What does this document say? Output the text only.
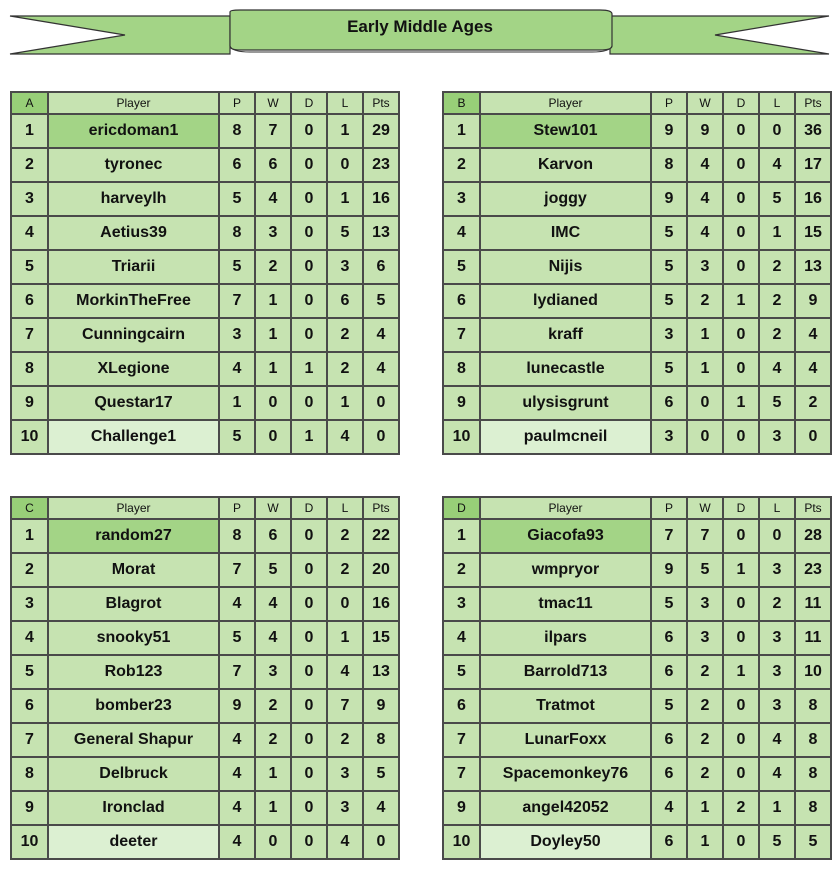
Early Middle Ages
A	Player	P	W	D	L	Pts
1	ericdoman1	8	7	0	1	29
2	tyronec	6	6	0	0	23
3	harveylh	5	4	0	1	16
4	Aetius39	8	3	0	5	13
5	Triarii	5	2	0	3	6
6	MorkinTheFree	7	1	0	6	5
7	Cunningcairn	3	1	0	2	4
8	XLegione	4	1	1	2	4
9	Questar17	1	0	0	1	0
10	Challenge1	5	0	1	4	0
B	Player	P	W	D	L	Pts
1	Stew101	9	9	0	0	36
2	Karvon	8	4	0	4	17
3	joggy	9	4	0	5	16
4	IMC	5	4	0	1	15
5	Nijis	5	3	0	2	13
6	lydianed	5	2	1	2	9
7	kraff	3	1	0	2	4
8	lunecastle	5	1	0	4	4
9	ulysisgrunt	6	0	1	5	2
10	paulmcneil	3	0	0	3	0
C	Player	P	W	D	L	Pts
1	random27	8	6	0	2	22
2	Morat	7	5	0	2	20
3	Blagrot	4	4	0	0	16
4	snooky51	5	4	0	1	15
5	Rob123	7	3	0	4	13
6	bomber23	9	2	0	7	9
7	General Shapur	4	2	0	2	8
8	Delbruck	4	1	0	3	5
9	Ironclad	4	1	0	3	4
10	deeter	4	0	0	4	0
D	Player	P	W	D	L	Pts
1	Giacofa93	7	7	0	0	28
2	wmpryor	9	5	1	3	23
3	tmac11	5	3	0	2	11
4	ilpars	6	3	0	3	11
5	Barrold713	6	2	1	3	10
6	Tratmot	5	2	0	3	8
7	LunarFoxx	6	2	0	4	8
7	Spacemonkey76	6	2	0	4	8
9	angel42052	4	1	2	1	8
10	Doyley50	6	1	0	5	5
